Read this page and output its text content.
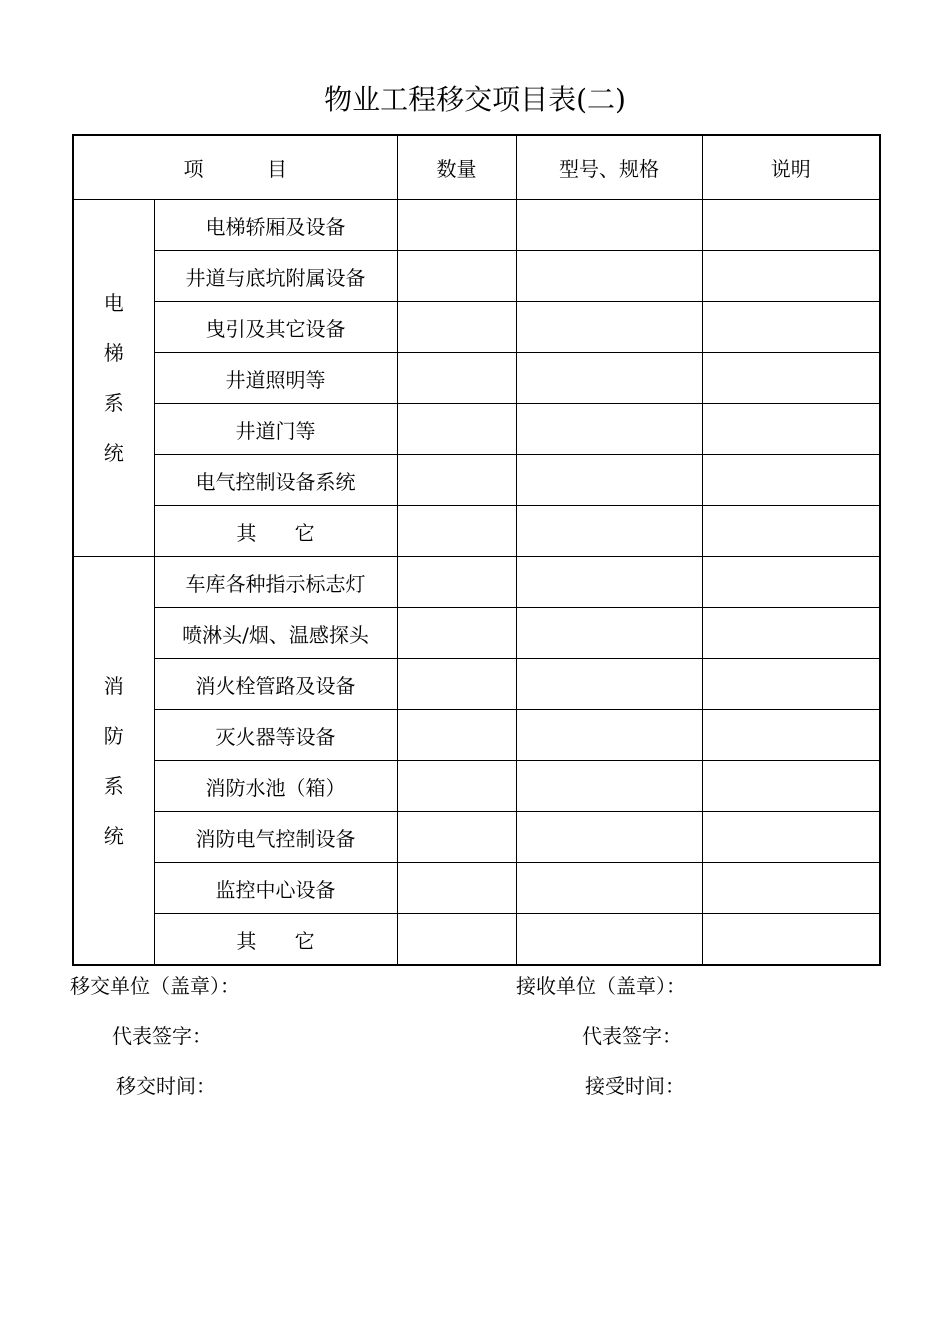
物业工程移交项目表(二)
项          目		数量	型号、规格	说明

电
梯
系
统	电梯轿厢及设备			
	井道与底坑附属设备			
	曳引及其它设备			
	井道照明等			
	井道门等			
	电气控制设备系统			
	其      它			

消
防
系
统	车库各种指示标志灯			
	喷淋头/烟、温感探头			
	消火栓管路及设备			
	灭火器等设备			
	消防水池（箱）			
	消防电气控制设备			
	监控中心设备			
	其      它			
移交单位（盖章）：	接收单位（盖章）：
代表签字：	代表签字：
移交时间：	接受时间：
